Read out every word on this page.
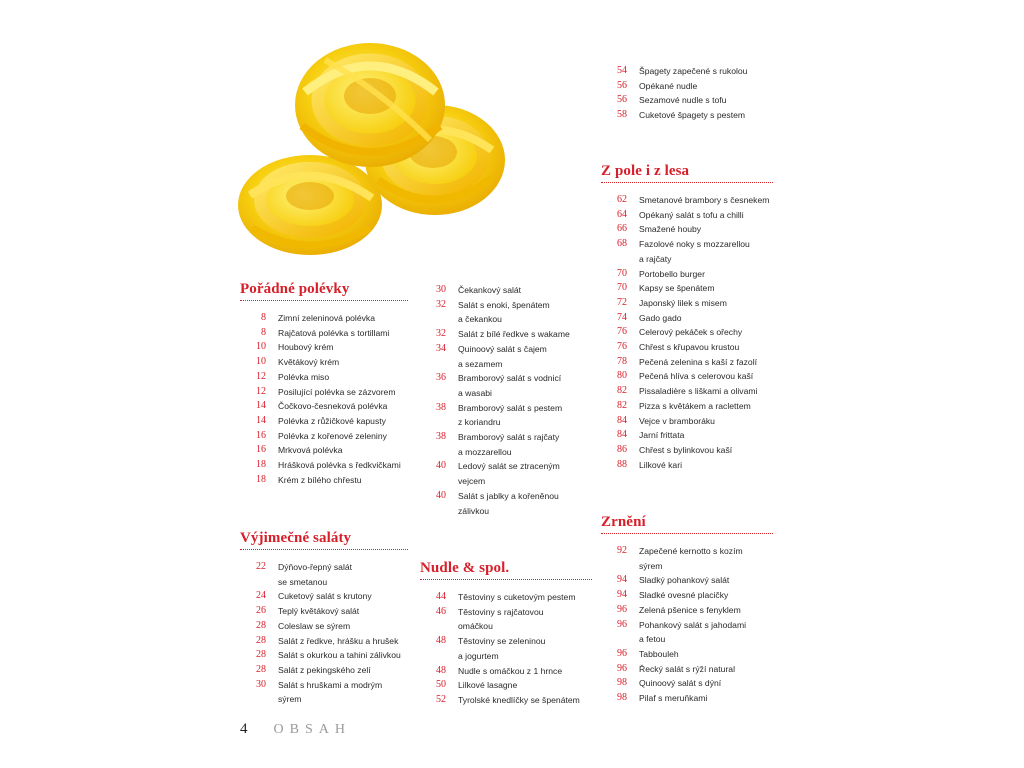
Pořádné polévky
8 Zimní zeleninová polévka
8 Rajčatová polévka s tortillami
10 Houbový krém
10 Květákový krém
12 Polévka miso
12 Posilující polévka se zázvorem
14 Čočkovo-česneková polévka
14 Polévka z růžičkové kapusty
16 Polévka z kořenové zeleniny
16 Mrkvová polévka
18 Hrášková polévka s ředkvičkami
18 Krém z bílého chřestu
Výjimečné saláty
22 Dýňovo-řepný salát
se smetanou
24 Cuketový salát s krutony
26 Teplý květákový salát
28 Coleslaw se sýrem
28 Salát z ředkve, hrášku a hrušek
28 Salát s okurkou a tahini zálivkou
28 Salát z pekingského zelí
30 Salát s hruškami a modrým
sýrem
30 Čekankový salát
32 Salát s enoki, špenátem
a čekankou
32 Salát z bílé ředkve s wakame
34 Quinoový salát s čajem
a sezamem
36 Bramborový salát s vodnicí
a wasabi
38 Bramborový salát s pestem
z koriandru
38 Bramborový salát s rajčaty
a mozzarellou
40 Ledový salát se ztraceným
vejcem
40 Salát s jablky a kořeněnou
zálivkou
Nudle & spol.
44 Těstoviny s cuketovým pestem
46 Těstoviny s rajčatovou
omáčkou
48 Těstoviny se zeleninou
a jogurtem
48 Nudle s omáčkou z 1 hrnce
50 Lilkové lasagne
52 Tyrolské knedlíčky se špenátem
54 Špagety zapečené s rukolou
56 Opékané nudle
56 Sezamové nudle s tofu
58 Cuketové špagety s pestem
Z pole i z lesa
62 Smetanové brambory s česnekem
64 Opékaný salát s tofu a chilli
66 Smažené houby
68 Fazolové noky s mozzarellou
a rajčaty
70 Portobello burger
70 Kapsy se špenátem
72 Japonský lilek s misem
74 Gado gado
76 Celerový pekáček s ořechy
76 Chřest s křupavou krustou
78 Pečená zelenina s kaší z fazolí
80 Pečená hlíva s celerovou kaší
82 Pissaladière s liškami a olivami
82 Pizza s květákem a raclettem
84 Vejce v bramboráku
84 Jarní frittata
86 Chřest s bylinkovou kaší
88 Lilkové kari
Zrnění
92 Zapečené kernotto s kozím
sýrem
94 Sladký pohankový salát
94 Sladké ovesné placičky
96 Zelená pšenice s fenyklem
96 Pohankový salát s jahodami
a fetou
96 Tabbouleh
96 Řecký salát s rýží natural
98 Quinoový salát s dýní
98 Pilaf s meruňkami
4 OBSAH
